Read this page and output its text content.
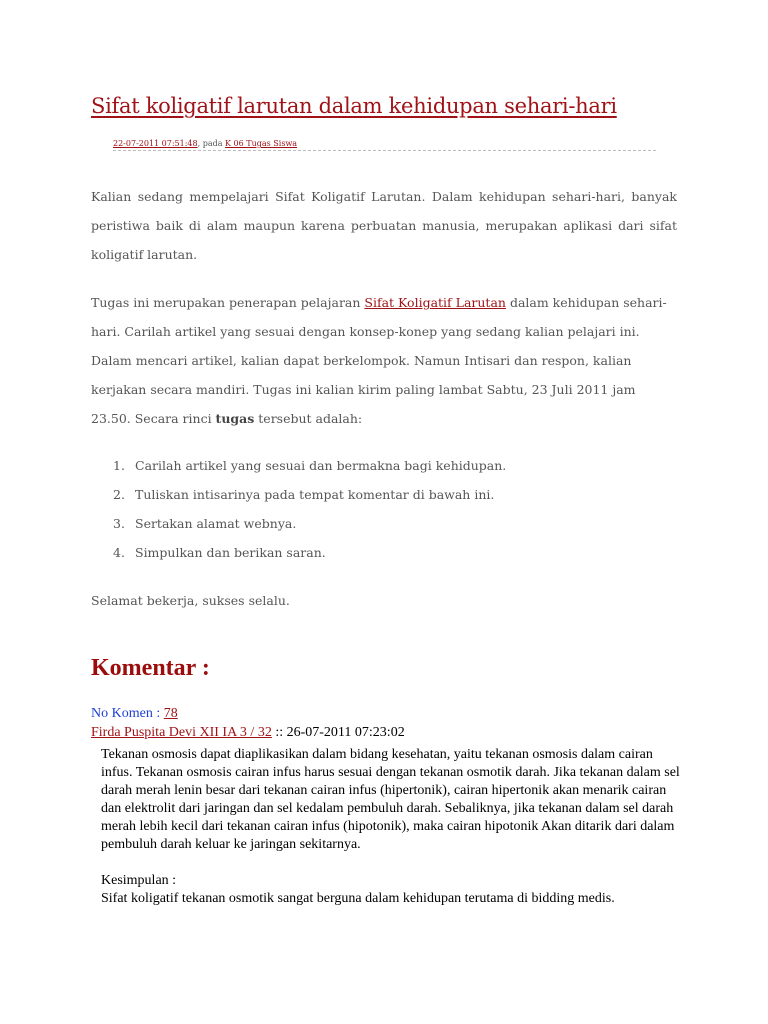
Sifat koligatif larutan dalam kehidupan sehari-hari
22-07-2011 07:51:48, pada K 06 Tugas Siswa

Kalian sedang mempelajari Sifat Koligatif Larutan. Dalam kehidupan sehari-hari, banyak peristiwa baik di alam maupun karena perbuatan manusia, merupakan aplikasi dari sifat koligatif larutan.

Tugas ini merupakan penerapan pelajaran Sifat Koligatif Larutan dalam kehidupan sehari-hari. Carilah artikel yang sesuai dengan konsep-konep yang sedang kalian pelajari ini. Dalam mencari artikel, kalian dapat berkelompok. Namun Intisari dan respon, kalian kerjakan secara mandiri. Tugas ini kalian kirim paling lambat Sabtu, 23 Juli 2011 jam 23.50. Secara rinci tugas tersebut adalah:

1. Carilah artikel yang sesuai dan bermakna bagi kehidupan.
2. Tuliskan intisarinya pada tempat komentar di bawah ini.
3. Sertakan alamat webnya.
4. Simpulkan dan berikan saran.

Selamat bekerja, sukses selalu.

Komentar :
No Komen : 78
Firda Puspita Devi XII IA 3 / 32 :: 26-07-2011 07:23:02

Tekanan osmosis dapat diaplikasikan dalam bidang kesehatan, yaitu tekanan osmosis dalam cairan infus. Tekanan osmosis cairan infus harus sesuai dengan tekanan osmotik darah. Jika tekanan dalam sel darah merah lenin besar dari tekanan cairan infus (hipertonik), cairan hipertonik akan menarik cairan dan elektrolit dari jaringan dan sel kedalam pembuluh darah. Sebaliknya, jika tekanan dalam sel darah merah lebih kecil dari tekanan cairan infus (hipotonik), maka cairan hipotonik Akan ditarik dari dalam pembuluh darah keluar ke jaringan sekitarnya.

Kesimpulan :

Sifat koligatif tekanan osmotik sangat berguna dalam kehidupan terutama di bidding medis.
